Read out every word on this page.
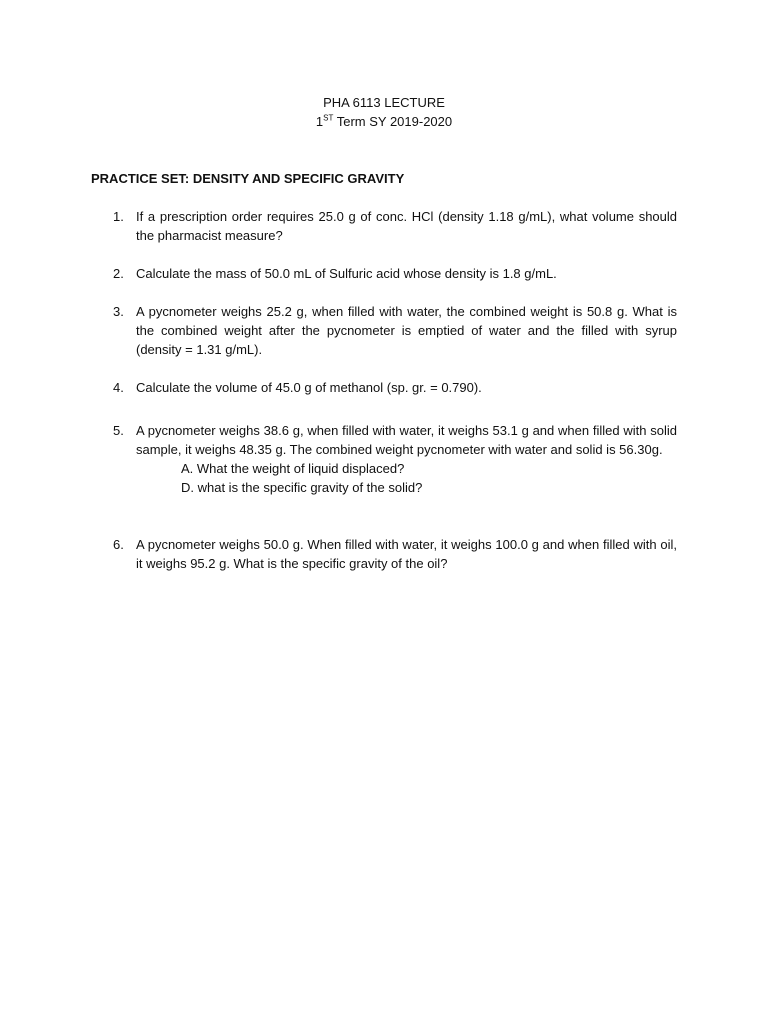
PHA 6113 LECTURE
1ST Term SY 2019-2020
PRACTICE SET: DENSITY AND SPECIFIC GRAVITY
1. If a prescription order requires 25.0 g of conc. HCl (density 1.18 g/mL), what volume should the pharmacist measure?
2. Calculate the mass of 50.0 mL of Sulfuric acid whose density is 1.8 g/mL.
3. A pycnometer weighs 25.2 g, when filled with water, the combined weight is 50.8 g. What is the combined weight after the pycnometer is emptied of water and the filled with syrup (density = 1.31 g/mL).
4. Calculate the volume of 45.0 g of methanol (sp. gr. = 0.790).
5. A pycnometer weighs 38.6 g, when filled with water, it weighs 53.1 g and when filled with solid sample, it weighs 48.35 g. The combined weight pycnometer with water and solid is 56.30g.
A. What the weight of liquid displaced?
D. what is the specific gravity of the solid?
6. A pycnometer weighs 50.0 g. When filled with water, it weighs 100.0 g and when filled with oil, it weighs 95.2 g. What is the specific gravity of the oil?
